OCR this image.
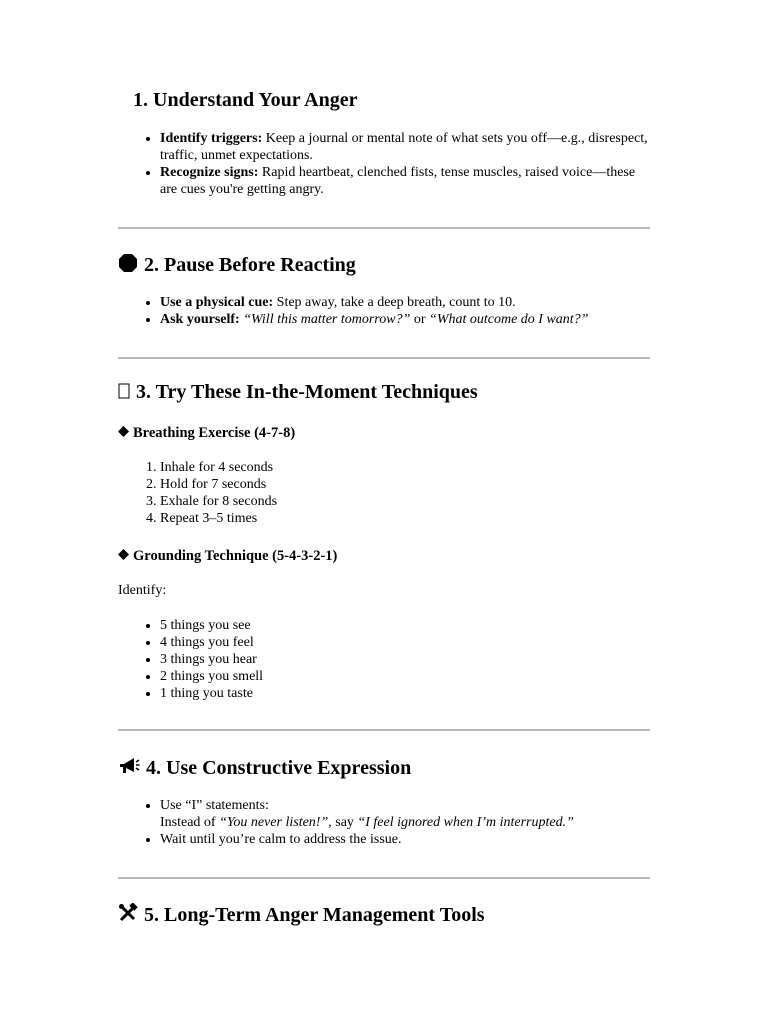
1. Understand Your Anger
• Identify triggers: Keep a journal or mental note of what sets you off—e.g., disrespect, traffic, unmet expectations.
• Recognize signs: Rapid heartbeat, clenched fists, tense muscles, raised voice—these are cues you're getting angry.
2. Pause Before Reacting
• Use a physical cue: Step away, take a deep breath, count to 10.
• Ask yourself: “Will this matter tomorrow?” or “What outcome do I want?”
3. Try These In-the-Moment Techniques
Breathing Exercise (4-7-8)
1. Inhale for 4 seconds
2. Hold for 7 seconds
3. Exhale for 8 seconds
4. Repeat 3–5 times
Grounding Technique (5-4-3-2-1)

Identify:

• 5 things you see
• 4 things you feel
• 3 things you hear
• 2 things you smell
• 1 thing you taste
4. Use Constructive Expression
• Use “I” statements:
Instead of “You never listen!”, say “I feel ignored when I’m interrupted.”
• Wait until you’re calm to address the issue.
5. Long-Term Anger Management Tools
